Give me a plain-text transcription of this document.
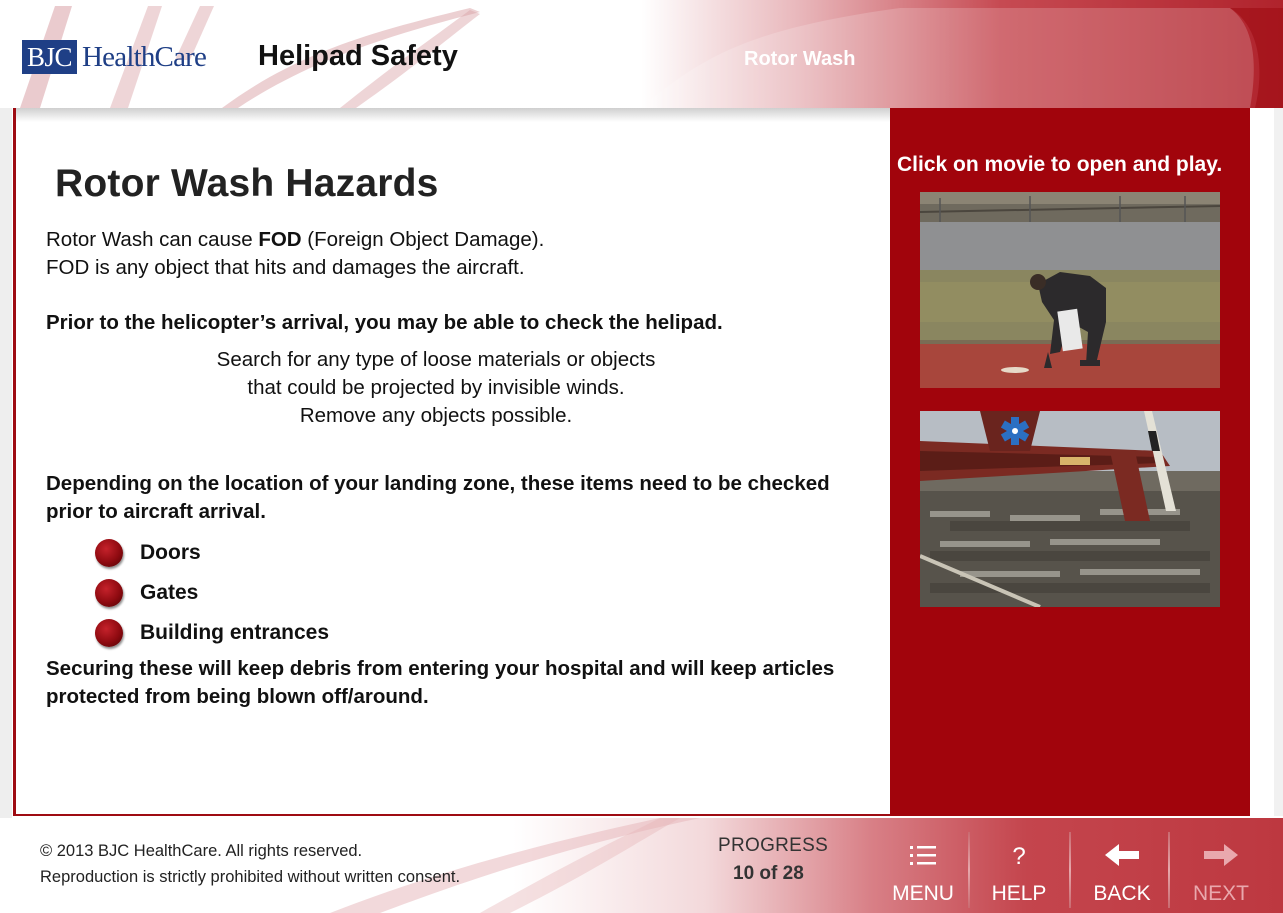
BJC HealthCare Helipad Safety	Rotor Wash
Rotor Wash Hazards
Rotor Wash can cause FOD (Foreign Object Damage).
FOD is any object that hits and damages the aircraft.
Prior to the helicopter’s arrival, you may be able to check the helipad.
Search for any type of loose materials or objects
that could be projected by invisible winds.
Remove any objects possible.
Depending on the location of your landing zone, these items need to be checked prior to aircraft arrival.
Doors
Gates
Building entrances
Securing these will keep debris from entering your hospital and will keep articles protected from being blown off/around.
Click on movie to open and play.
© 2013 BJC HealthCare. All rights reserved.
Reproduction is strictly prohibited without written consent.
PROGRESS
10 of 28
MENU
?
HELP	BACK	NEXT
